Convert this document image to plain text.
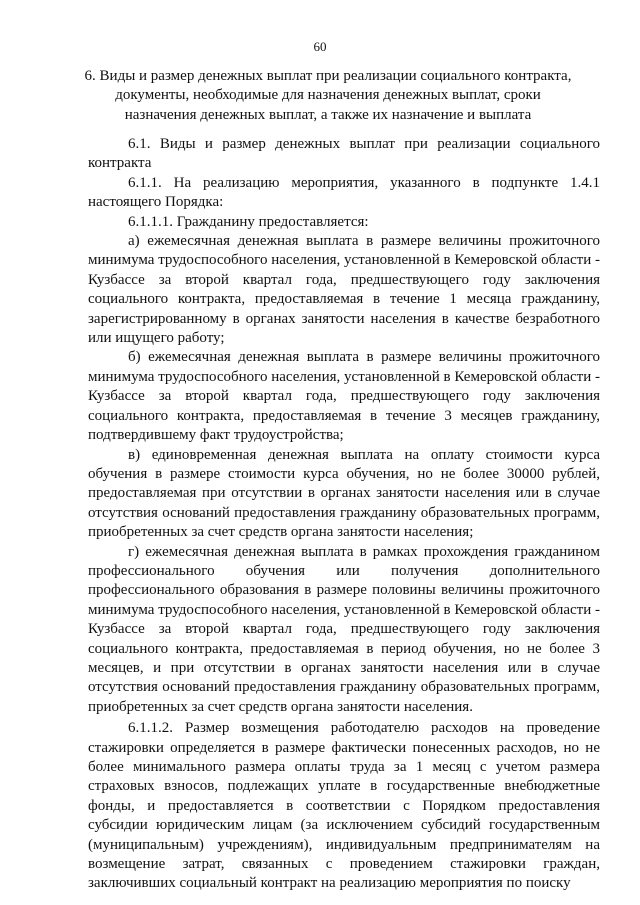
60
6. Виды и размер денежных выплат при реализации социального контракта, документы, необходимые для назначения денежных выплат, сроки назначения денежных выплат, а также их назначение и выплата

6.1. Виды и размер денежных выплат при реализации социального контракта

6.1.1. На реализацию мероприятия, указанного в подпункте 1.4.1 настоящего Порядка:

6.1.1.1. Гражданину предоставляется:

а) ежемесячная денежная выплата в размере величины прожиточного минимума трудоспособного населения, установленной в Кемеровской области - Кузбассе за второй квартал года, предшествующего году заключения социального контракта, предоставляемая в течение 1 месяца гражданину, зарегистрированному в органах занятости населения в качестве безработного или ищущего работу;

б) ежемесячная денежная выплата в размере величины прожиточного минимума трудоспособного населения, установленной в Кемеровской области - Кузбассе за второй квартал года, предшествующего году заключения социального контракта, предоставляемая в течение 3 месяцев гражданину, подтвердившему факт трудоустройства;

в) единовременная денежная выплата на оплату стоимости курса обучения в размере стоимости курса обучения, но не более 30000 рублей, предоставляемая при отсутствии в органах занятости населения или в случае отсутствия оснований предоставления гражданину образовательных программ, приобретенных за счет средств органа занятости населения;

г) ежемесячная денежная выплата в рамках прохождения гражданином профессионального обучения или получения дополнительного профессионального образования в размере половины величины прожиточного минимума трудоспособного населения, установленной в Кемеровской области - Кузбассе за второй квартал года, предшествующего году заключения социального контракта, предоставляемая в период обучения, но не более 3 месяцев, и при отсутствии в органах занятости населения или в случае отсутствия оснований предоставления гражданину образовательных программ, приобретенных за счет средств органа занятости населения.

6.1.1.2. Размер возмещения работодателю расходов на проведение стажировки определяется в размере фактически понесенных расходов, но не более минимального размера оплаты труда за 1 месяц с учетом размера страховых взносов, подлежащих уплате в государственные внебюджетные фонды, и предоставляется в соответствии с Порядком предоставления субсидии юридическим лицам (за исключением субсидий государственным (муниципальным) учреждениям), индивидуальным предпринимателям на возмещение затрат, связанных с проведением стажировки граждан, заключивших социальный контракт на реализацию мероприятия по поиску
